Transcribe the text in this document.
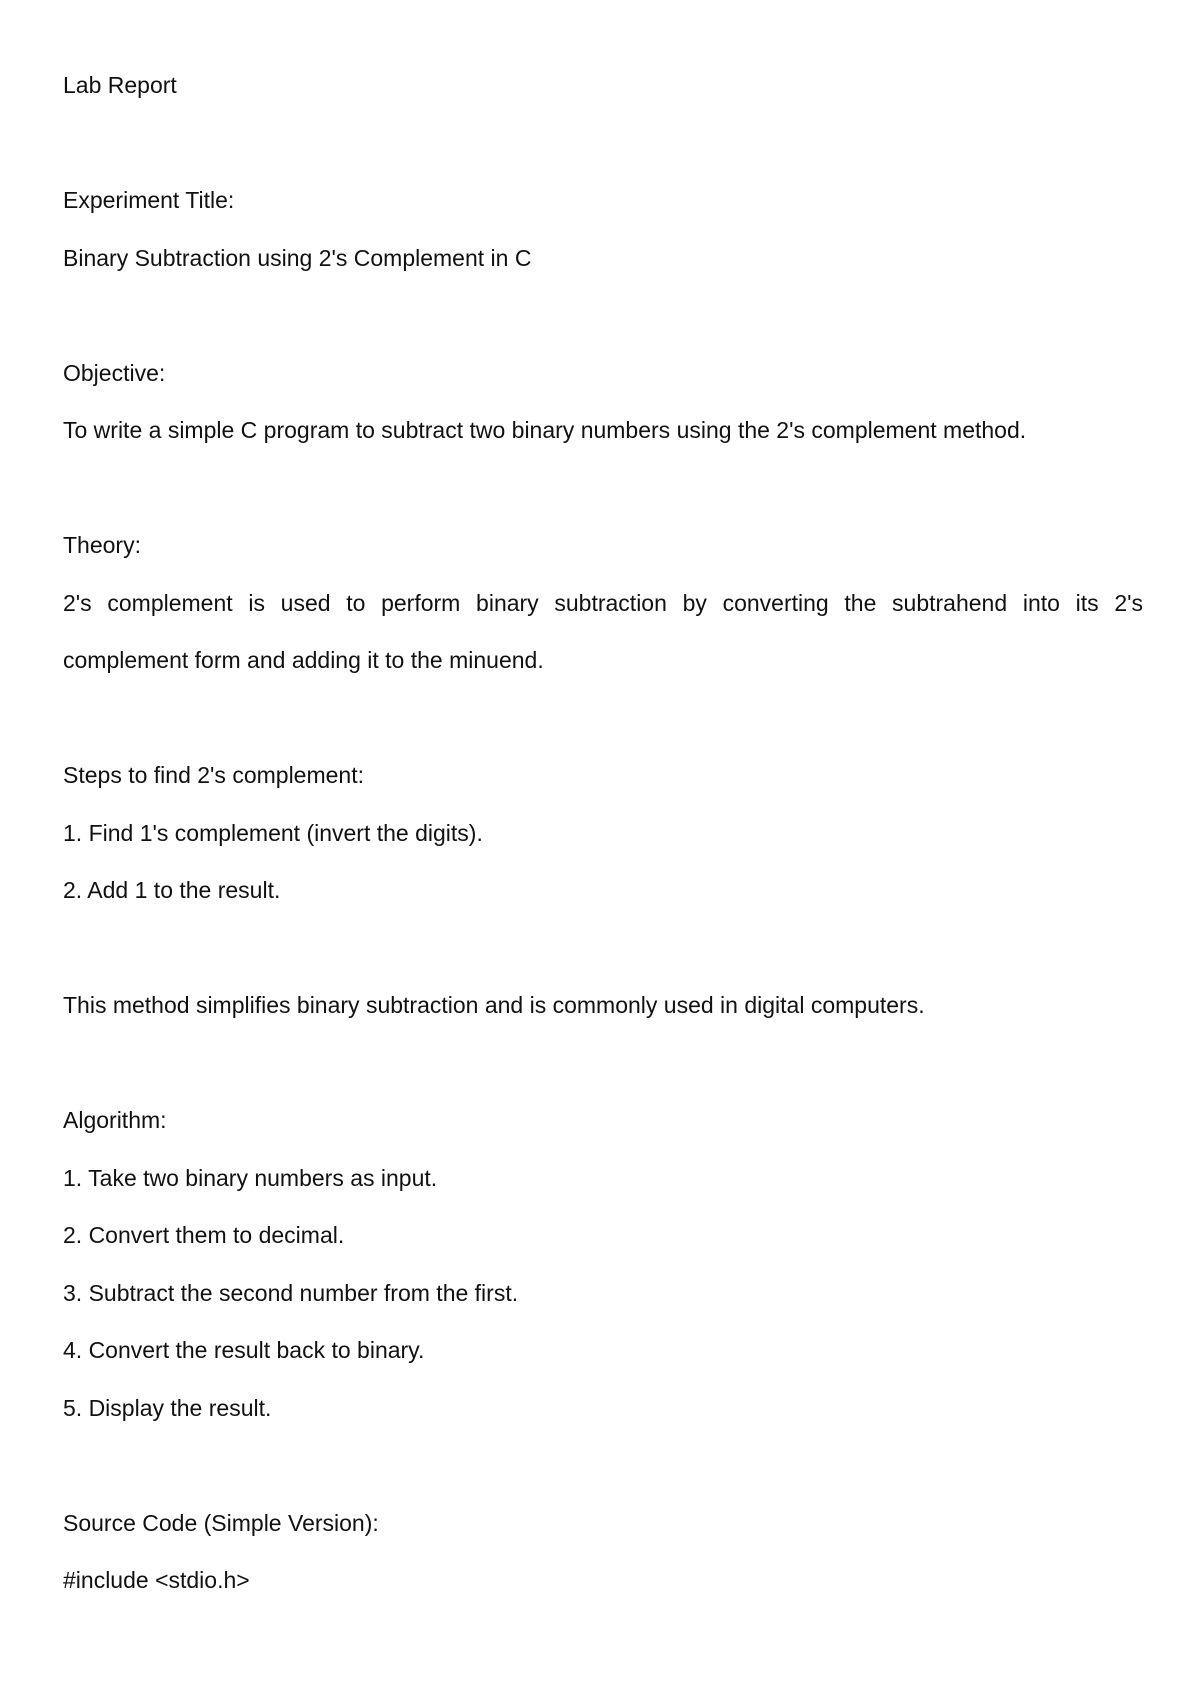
Lab Report
Experiment Title:
Binary Subtraction using 2's Complement in C
Objective:
To write a simple C program to subtract two binary numbers using the 2's complement method.
Theory:
2's complement is used to perform binary subtraction by converting the subtrahend into its 2's
complement form and adding it to the minuend.
Steps to find 2's complement:
1. Find 1's complement (invert the digits).
2. Add 1 to the result.
This method simplifies binary subtraction and is commonly used in digital computers.
Algorithm:
1. Take two binary numbers as input.
2. Convert them to decimal.
3. Subtract the second number from the first.
4. Convert the result back to binary.
5. Display the result.
Source Code (Simple Version):
#include <stdio.h>
